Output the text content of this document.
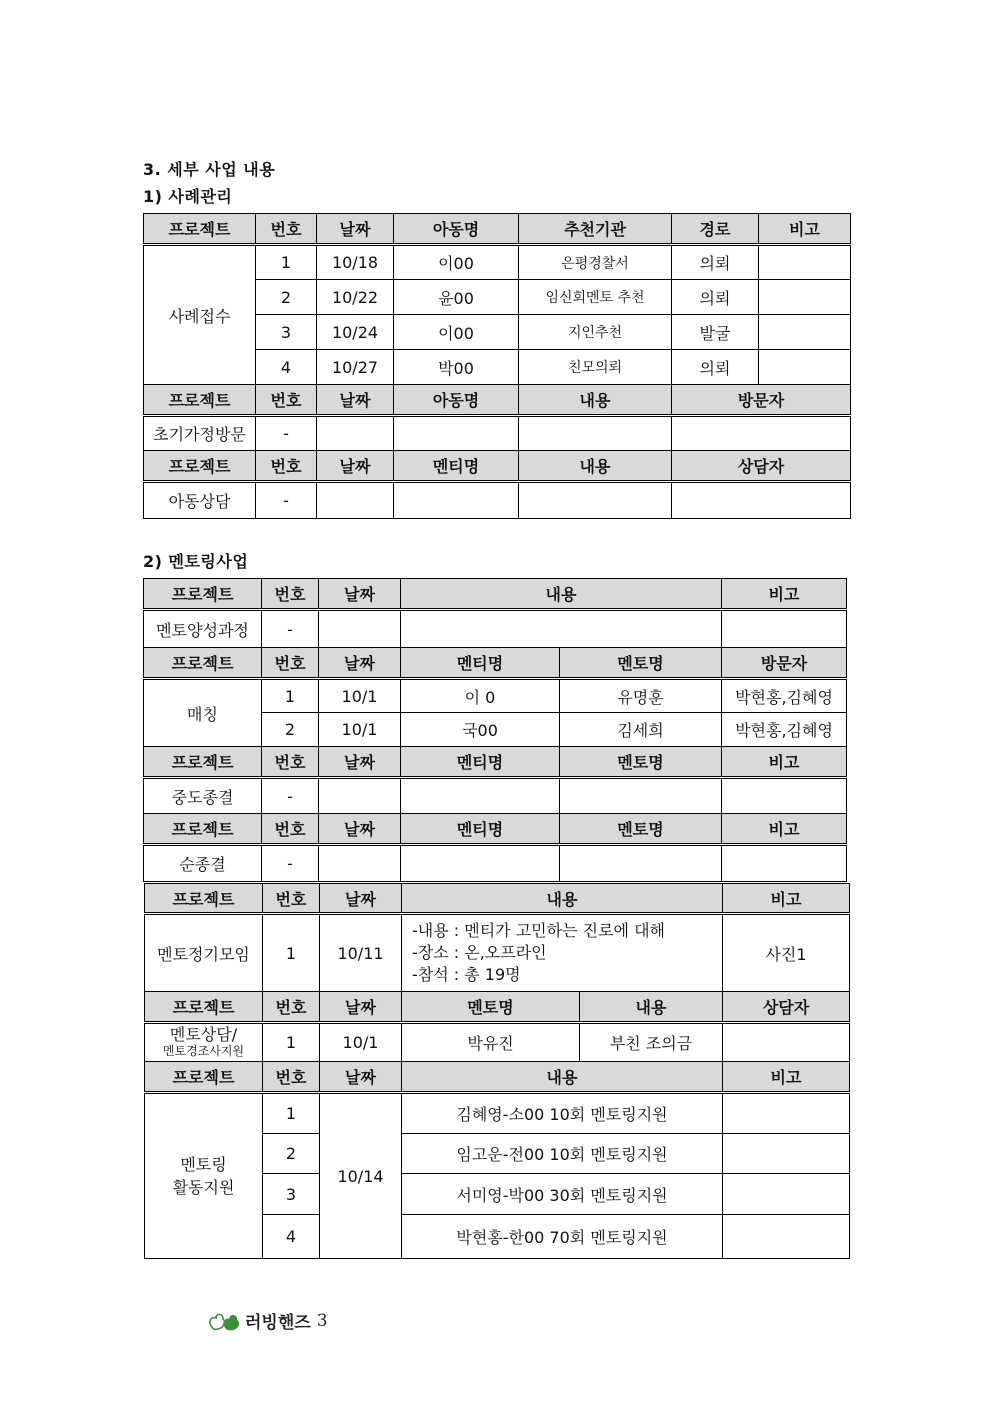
3. 세부 사업 내용
1) 사례관리
프로젝트	번호	날짜	아동명	추천기관	경로	비고
사례접수	1	10/18	이00	은평경찰서	의뢰	
	2	10/22	윤00	임신회멘토 추천	의뢰	
	3	10/24	이00	지인추천	발굴	
	4	10/27	박00	친모의뢰	의뢰	
프로젝트	번호	날짜	아동명	내용	방문자	
초기가정방문	-					
프로젝트	번호	날짜	멘티명	내용	상담자	
아동상담	-					
2) 멘토링사업
프로젝트	번호	날짜	내용		비고
멘토양성과정	-				
프로젝트	번호	날짜	멘티명	멘토명	방문자
매칭	1	10/1	이 0	유명훈	박현홍,김혜영
	2	10/1	국00	김세희	박현홍,김혜영
프로젝트	번호	날짜	멘티명	멘토명	비고
중도종결	-				
프로젝트	번호	날짜	멘티명	멘토명	비고
순종결	-				
프로젝트	번호	날짜	내용		비고
멘토정기모임	1	10/11	-내용 : 멘티가 고민하는 진로에 대해
-장소 : 온,오프라인
-참석 : 총 19명		사진1
프로젝트	번호	날짜	멘토명	내용	상담자

멘토상담/
멘토경조사지원	1	10/1	박유진	부친 조의금	
프로젝트	번호	날짜	내용		비고

멘토링
활동지원	1	10/14	김혜영-소00 10회 멘토링지원		
	2		임고운-전00 10회 멘토링지원		
	3		서미영-박00 30회 멘토링지원		
	4		박현홍-한00 70회 멘토링지원		
러빙핸즈 3
